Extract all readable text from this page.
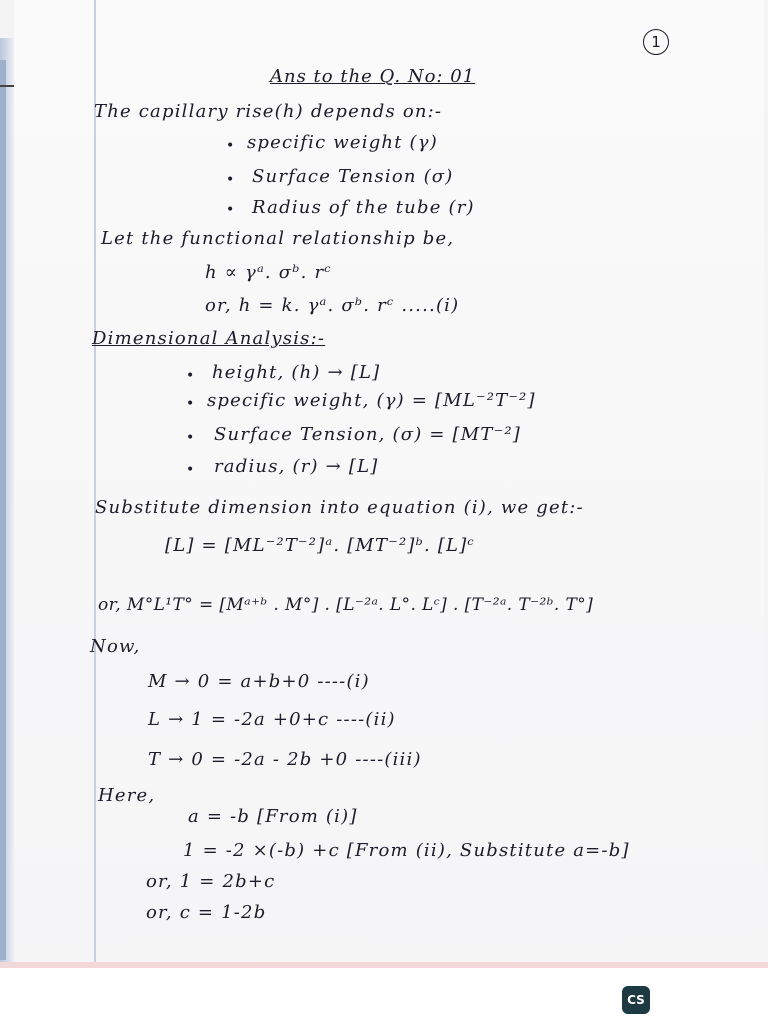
1
Ans to the Q. No: 01
The capillary rise(h) depends on:-
• specific weight (γ)
• Surface Tension (σ)
• Radius of the tube (r)
Let the functional relationship be,
h ∝ γᵃ. σᵇ. rᶜ
or, h = k. γᵃ. σᵇ. rᶜ .....(i)
Dimensional Analysis:-
• height, (h) → [L]
• specific weight, (γ) = [ML⁻²T⁻²]
• Surface Tension, (σ) = [MT⁻²]
• radius, (r) → [L]
Substitute dimension into equation (i), we get:-
[L] = [ML⁻²T⁻²]ᵃ. [MT⁻²]ᵇ. [L]ᶜ
or, M°L¹T° = [Mᵃ⁺ᵇ . M°] . [L⁻²ᵃ. L°. Lᶜ] . [T⁻²ᵃ. T⁻²ᵇ. T°]
Now,
M → 0 = a+b+0 ----(i)
L → 1 = -2a +0+c ----(ii)
T → 0 = -2a - 2b +0 ----(iii)
Here,
a = -b [From (i)]
1 = -2 ×(-b) +c [From (ii), Substitute a=-b]
or, 1 = 2b+c
or, c = 1-2b
CS
